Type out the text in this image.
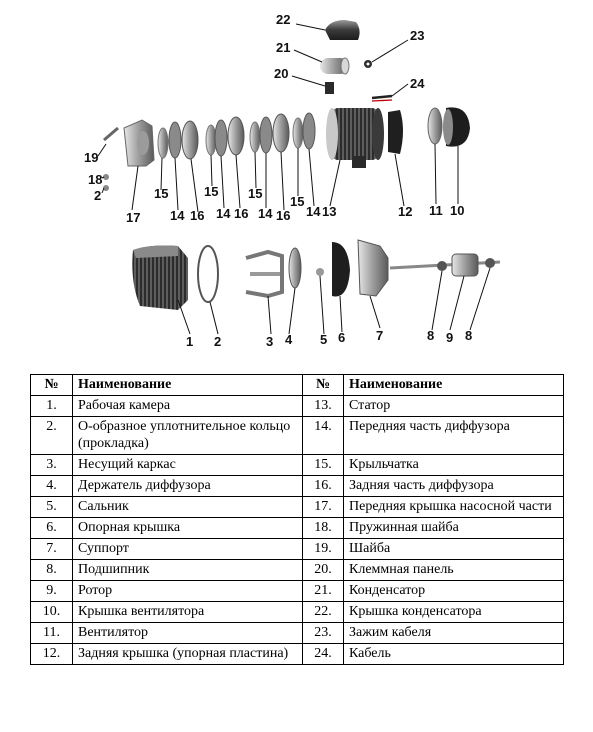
22
21
20
23
24
19
18
2
17
15
14 16
15
14 16
15
14 16
15
14 13	12 11 10
1 2	3 4 5 6 7	8 9 8
№	Наименование	№	Наименование
1.	Рабочая камера	13.	Статор
2.	О-образное уплотнительное кольцо (прокладка)	14.	Передняя часть диффузора
3.	Несущий каркас	15.	Крыльчатка
4.	Держатель диффузора	16.	Задняя часть диффузора
5.	Сальник	17.	Передняя крышка насосной части
6.	Опорная крышка	18.	Пружинная шайба
7.	Суппорт	19.	Шайба
8.	Подшипник	20.	Клеммная панель
9.	Ротор	21.	Конденсатор
10.	Крышка вентилятора	22.	Крышка конденсатора
11.	Вентилятор	23.	Зажим кабеля
12.	Задняя крышка (упорная пластина)	24.	Кабель
